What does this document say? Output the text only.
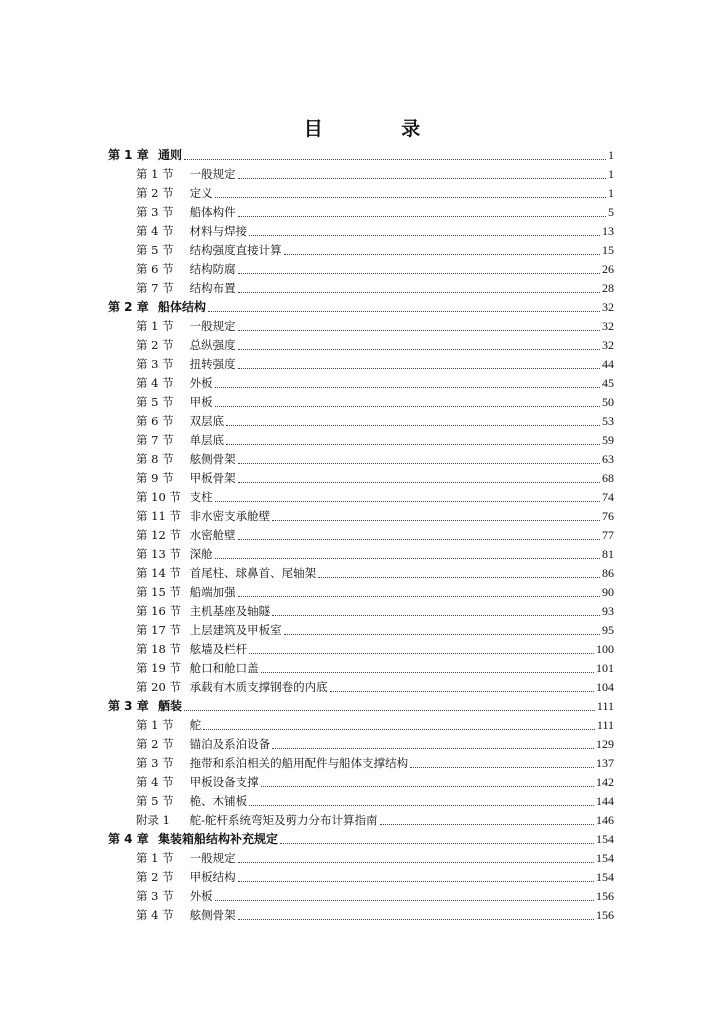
目 录
第 1 章 通则	1
第 1 节 一般规定	1
第 2 节 定义	1
第 3 节 船体构件	5
第 4 节 材料与焊接	13
第 5 节 结构强度直接计算	15
第 6 节 结构防腐	26
第 7 节 结构布置	28
第 2 章 船体结构	32
第 1 节 一般规定	32
第 2 节 总纵强度	32
第 3 节 扭转强度	44
第 4 节 外板	45
第 5 节 甲板	50
第 6 节 双层底	53
第 7 节 单层底	59
第 8 节 舷侧骨架	63
第 9 节 甲板骨架	68
第 10 节 支柱	74
第 11 节 非水密支承舱壁	76
第 12 节 水密舱壁	77
第 13 节 深舱	81
第 14 节 首尾柱、球鼻首、尾轴架	86
第 15 节 船端加强	90
第 16 节 主机基座及轴隧	93
第 17 节 上层建筑及甲板室	95
第 18 节 舷墙及栏杆	100
第 19 节 舱口和舱口盖	101
第 20 节 承载有木质支撑钢卷的内底	104
第 3 章 舾装	111
第 1 节 舵	111
第 2 节 锚泊及系泊设备	129
第 3 节 拖带和系泊相关的船用配件与船体支撑结构	137
第 4 节 甲板设备支撑	142
第 5 节 桅、木铺板	144
附录 1 舵-舵杆系统弯矩及剪力分布计算指南	146
第 4 章 集装箱船结构补充规定	154
第 1 节 一般规定	154
第 2 节 甲板结构	154
第 3 节 外板	156
第 4 节 舷侧骨架	156
